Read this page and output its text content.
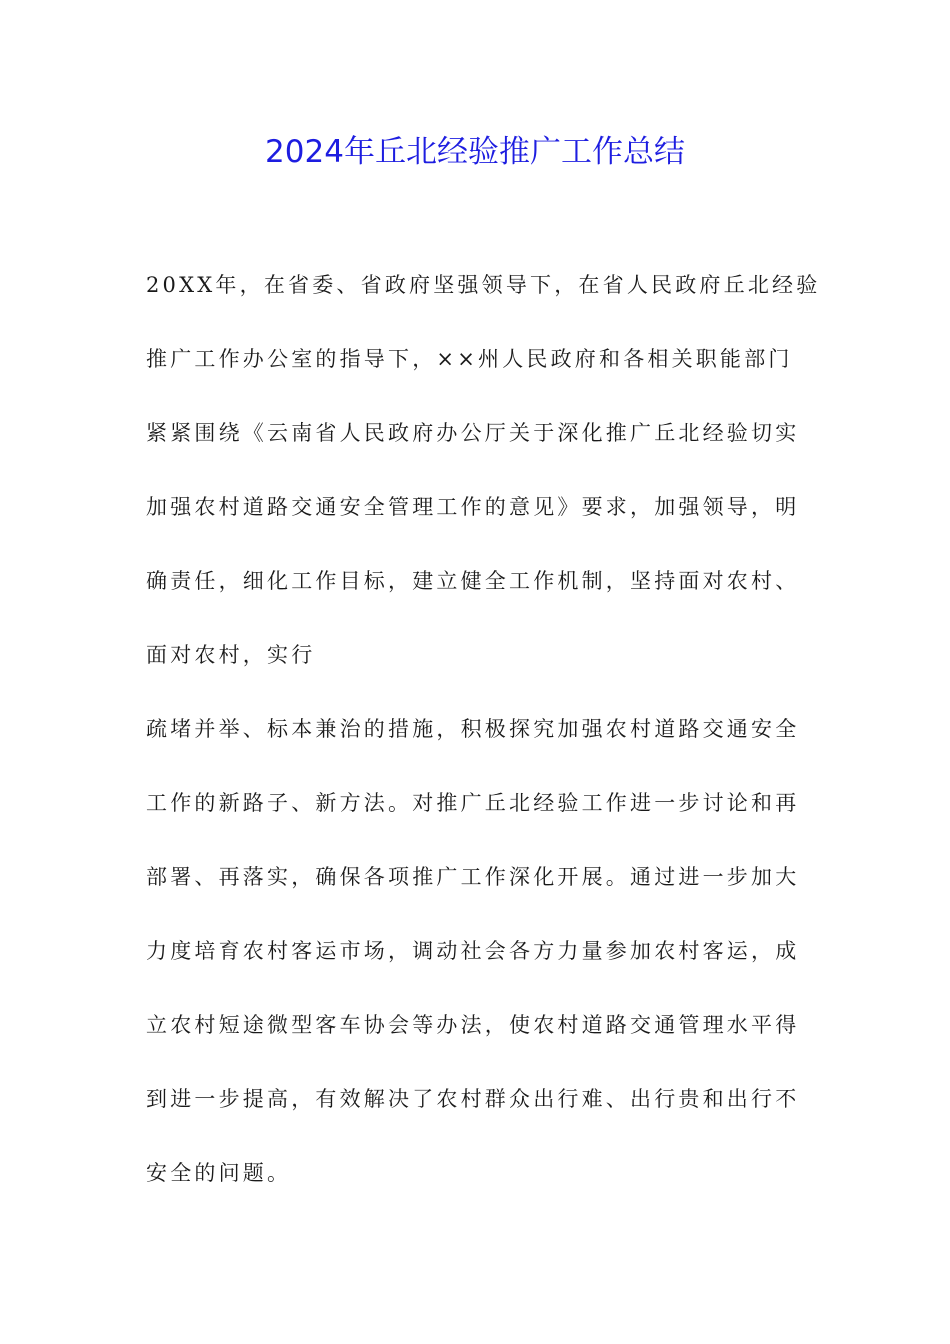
2024年丘北经验推广工作总结
20XX年，在省委、省政府坚强领导下，在省人民政府丘北经验
推广工作办公室的指导下，××州人民政府和各相关职能部门
紧紧围绕《云南省人民政府办公厅关于深化推广丘北经验切实
加强农村道路交通安全管理工作的意见》要求，加强领导，明
确责任，细化工作目标，建立健全工作机制，坚持面对农村、
面对农村，实行
疏堵并举、标本兼治的措施，积极探究加强农村道路交通安全
工作的新路子、新方法。对推广丘北经验工作进一步讨论和再
部署、再落实，确保各项推广工作深化开展。通过进一步加大
力度培育农村客运市场，调动社会各方力量参加农村客运，成
立农村短途微型客车协会等办法，使农村道路交通管理水平得
到进一步提高，有效解决了农村群众出行难、出行贵和出行不
安全的问题。
